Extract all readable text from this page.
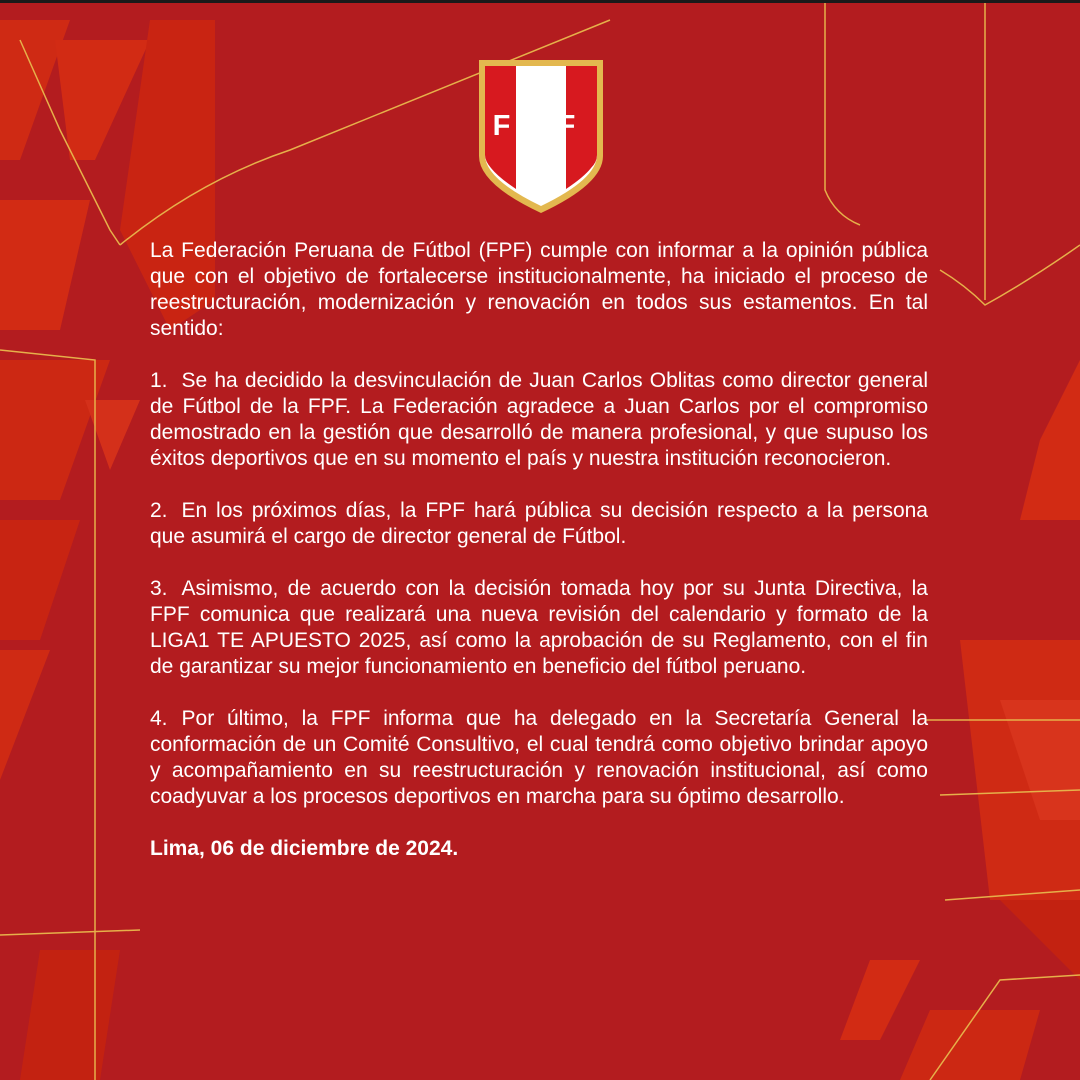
FPF

La Federación Peruana de Fútbol (FPF) cumple con informar a la opinión pública que con el objetivo de fortalecerse institucionalmente, ha iniciado el proceso de reestructuración, modernización y renovación en todos sus estamentos. En tal sentido:

1. Se ha decidido la desvinculación de Juan Carlos Oblitas como director general de Fútbol de la FPF. La Federación agradece a Juan Carlos por el compromiso demostrado en la gestión que desarrolló de manera profesional, y que supuso los éxitos deportivos que en su momento el país y nuestra institución reconocieron.

2. En los próximos días, la FPF hará pública su decisión respecto a la persona que asumirá el cargo de director general de Fútbol.

3. Asimismo, de acuerdo con la decisión tomada hoy por su Junta Directiva, la FPF comunica que realizará una nueva revisión del calendario y formato de la LIGA1 TE APUESTO 2025, así como la aprobación de su Reglamento, con el fin de garantizar su mejor funcionamiento en beneficio del fútbol peruano.

4. Por último, la FPF informa que ha delegado en la Secretaría General la conformación de un Comité Consultivo, el cual tendrá como objetivo brindar apoyo y acompañamiento en su reestructuración y renovación institucional, así como coadyuvar a los procesos deportivos en marcha para su óptimo desarrollo.

Lima, 06 de diciembre de 2024.
